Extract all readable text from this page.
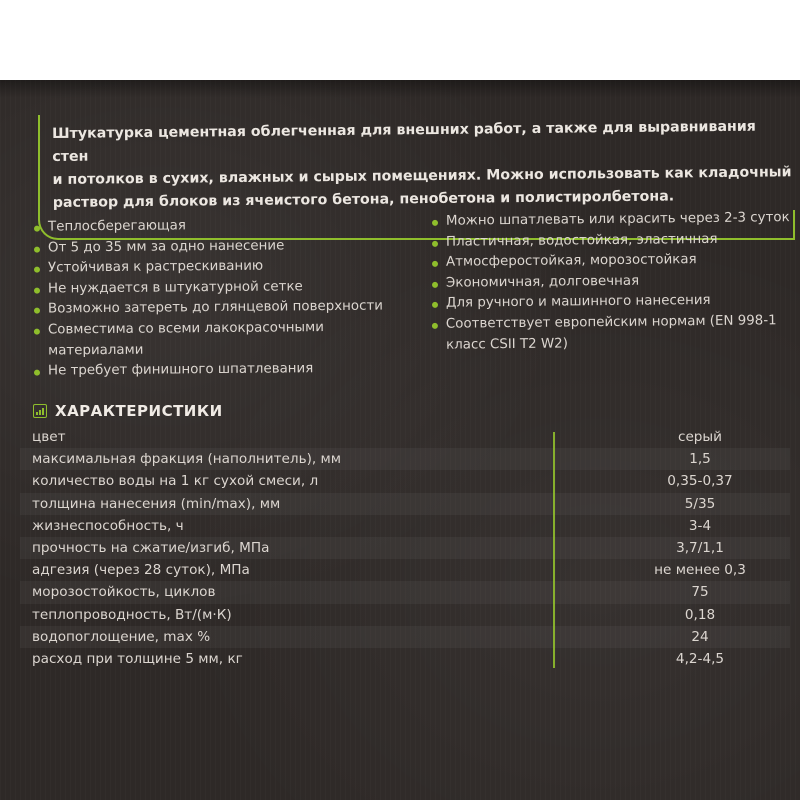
Штукатурка цементная облегченная для внешних работ, а также для выравнивания стен
и потолков в сухих, влажных и сырых помещениях. Можно использовать как кладочный
раствор для блоков из ячеистого бетона, пенобетона и полистиролбетона.
Теплосберегающая
От 5 до 35 мм за одно нанесение
Устойчивая к растрескиванию
Не нуждается в штукатурной сетке
Возможно затереть до глянцевой поверхности
Совместима со всеми лакокрасочными материалами
Не требует финишного шпатлевания
Можно шпатлевать или красить через 2-3 суток
Пластичная, водостойкая, эластичная
Атмосферостойкая, морозостойкая
Экономичная, долговечная
Для ручного и машинного нанесения
Соответствует европейским нормам (EN 998-1 класс CSII T2 W2)
ХАРАКТЕРИСТИКИ
цвет	серый
максимальная фракция (наполнитель), мм	1,5
количество воды на 1 кг сухой смеси, л	0,35-0,37
толщина нанесения (min/max), мм	5/35
жизнеспособность, ч	3-4
прочность на сжатие/изгиб, МПа	3,7/1,1
адгезия (через 28 суток), МПа	не менее 0,3
морозостойкость, циклов	75
теплопроводность, Вт/(м·К)	0,18
водопоглощение, max %	24
расход при толщине 5 мм, кг	4,2-4,5
